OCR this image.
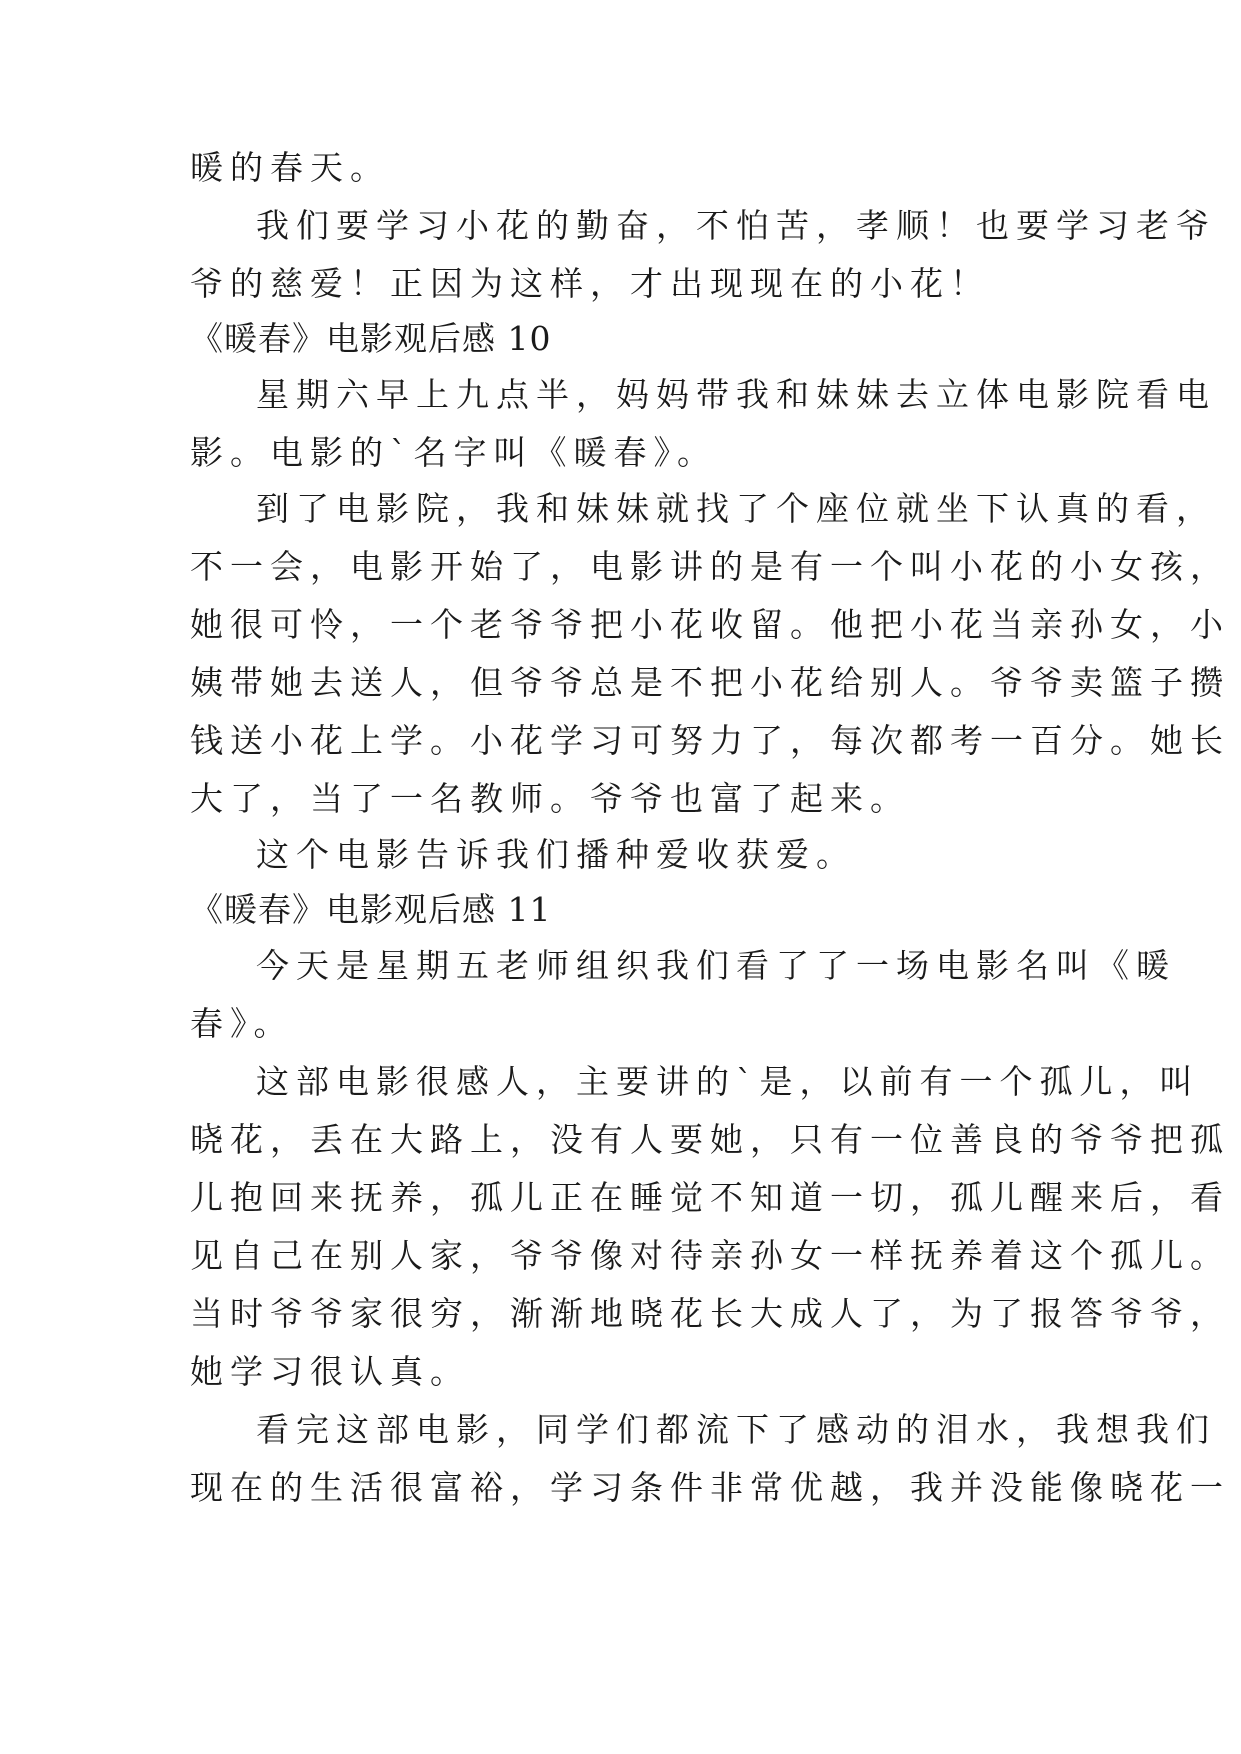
暖的春天。
我们要学习小花的勤奋，不怕苦，孝顺！也要学习老爷
爷的慈爱！正因为这样，才出现现在的小花！
《暖春》电影观后感 10
星期六早上九点半，妈妈带我和妹妹去立体电影院看电
影。电影的`名字叫《暖春》。
到了电影院，我和妹妹就找了个座位就坐下认真的看，
不一会，电影开始了，电影讲的是有一个叫小花的小女孩，
她很可怜，一个老爷爷把小花收留。他把小花当亲孙女，小
姨带她去送人，但爷爷总是不把小花给别人。爷爷卖篮子攒
钱送小花上学。小花学习可努力了，每次都考一百分。她长
大了，当了一名教师。爷爷也富了起来。
这个电影告诉我们播种爱收获爱。
《暖春》电影观后感 11
今天是星期五老师组织我们看了了一场电影名叫《暖
春》。
这部电影很感人，主要讲的`是，以前有一个孤儿，叫
晓花，丢在大路上，没有人要她，只有一位善良的爷爷把孤
儿抱回来抚养，孤儿正在睡觉不知道一切，孤儿醒来后，看
见自己在别人家，爷爷像对待亲孙女一样抚养着这个孤儿。
当时爷爷家很穷，渐渐地晓花长大成人了，为了报答爷爷，
她学习很认真。
看完这部电影，同学们都流下了感动的泪水，我想我们
现在的生活很富裕，学习条件非常优越，我并没能像晓花一
